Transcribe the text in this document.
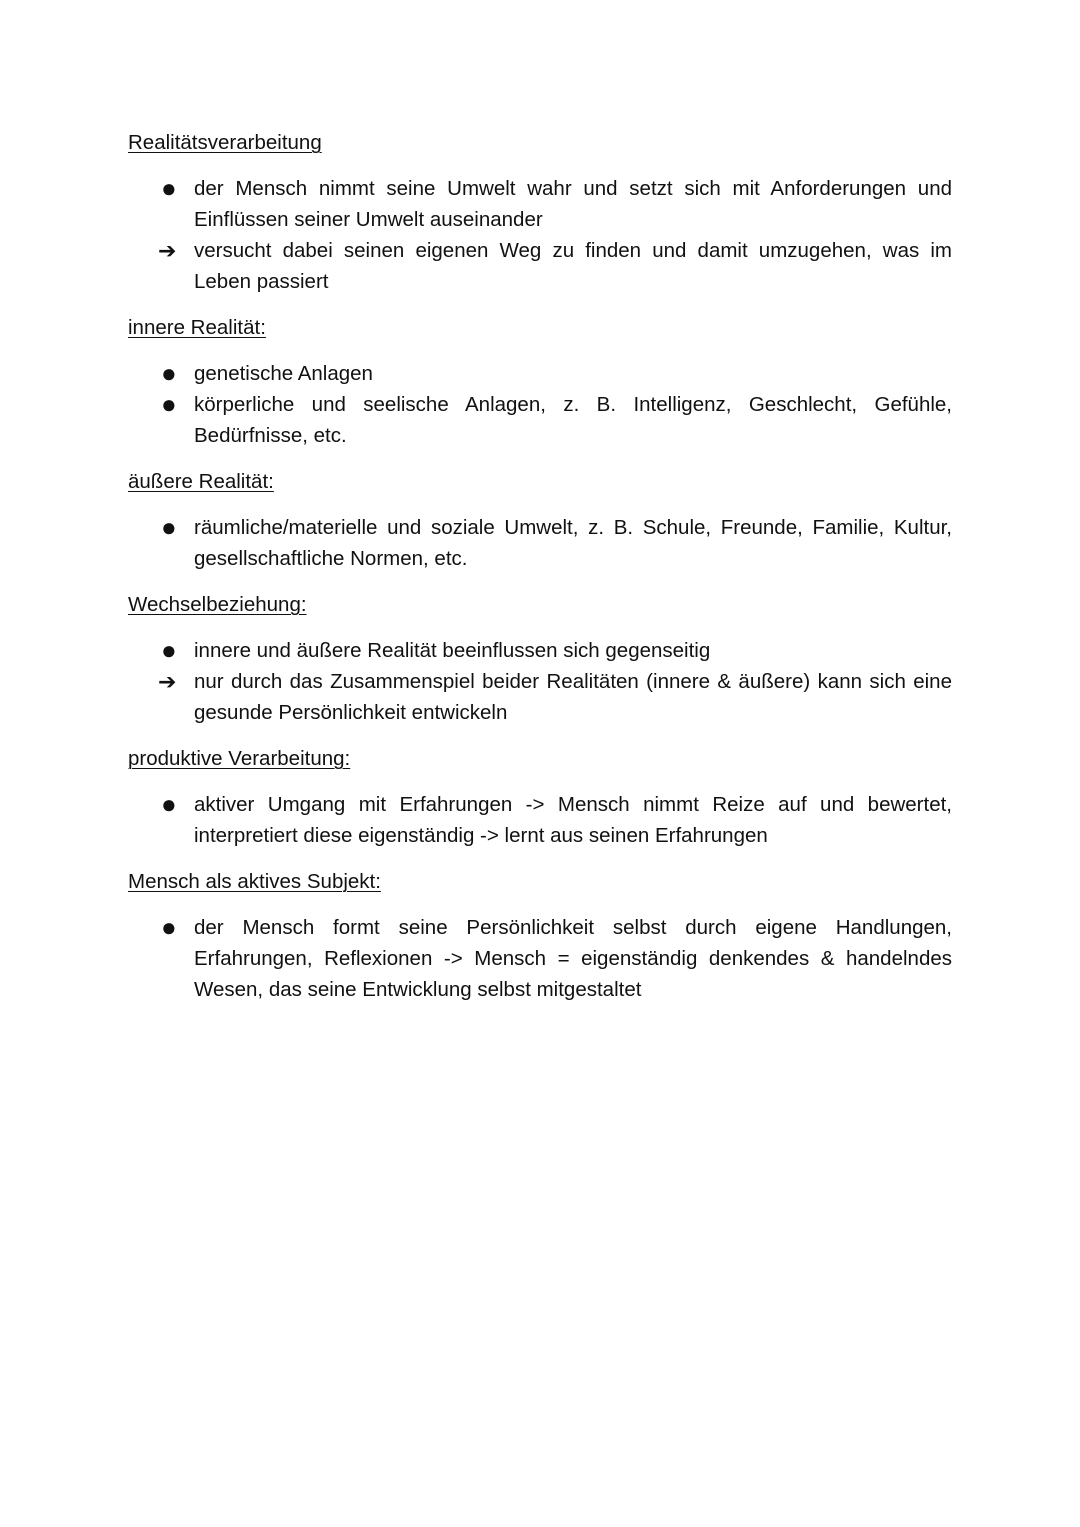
Realitätsverarbeitung

● der Mensch nimmt seine Umwelt wahr und setzt sich mit Anforderungen und Einflüssen seiner Umwelt auseinander
➔ versucht dabei seinen eigenen Weg zu finden und damit umzugehen, was im Leben passiert

innere Realität:

● genetische Anlagen
● körperliche und seelische Anlagen, z. B. Intelligenz, Geschlecht, Gefühle, Bedürfnisse, etc.

äußere Realität:

● räumliche/materielle und soziale Umwelt, z. B. Schule, Freunde, Familie, Kultur, gesellschaftliche Normen, etc.

Wechselbeziehung:

● innere und äußere Realität beeinflussen sich gegenseitig
➔ nur durch das Zusammenspiel beider Realitäten (innere & äußere) kann sich eine gesunde Persönlichkeit entwickeln

produktive Verarbeitung:

● aktiver Umgang mit Erfahrungen -> Mensch nimmt Reize auf und bewertet, interpretiert diese eigenständig -> lernt aus seinen Erfahrungen

Mensch als aktives Subjekt:

● der Mensch formt seine Persönlichkeit selbst durch eigene Handlungen, Erfahrungen, Reflexionen -> Mensch = eigenständig denkendes & handelndes Wesen, das seine Entwicklung selbst mitgestaltet
